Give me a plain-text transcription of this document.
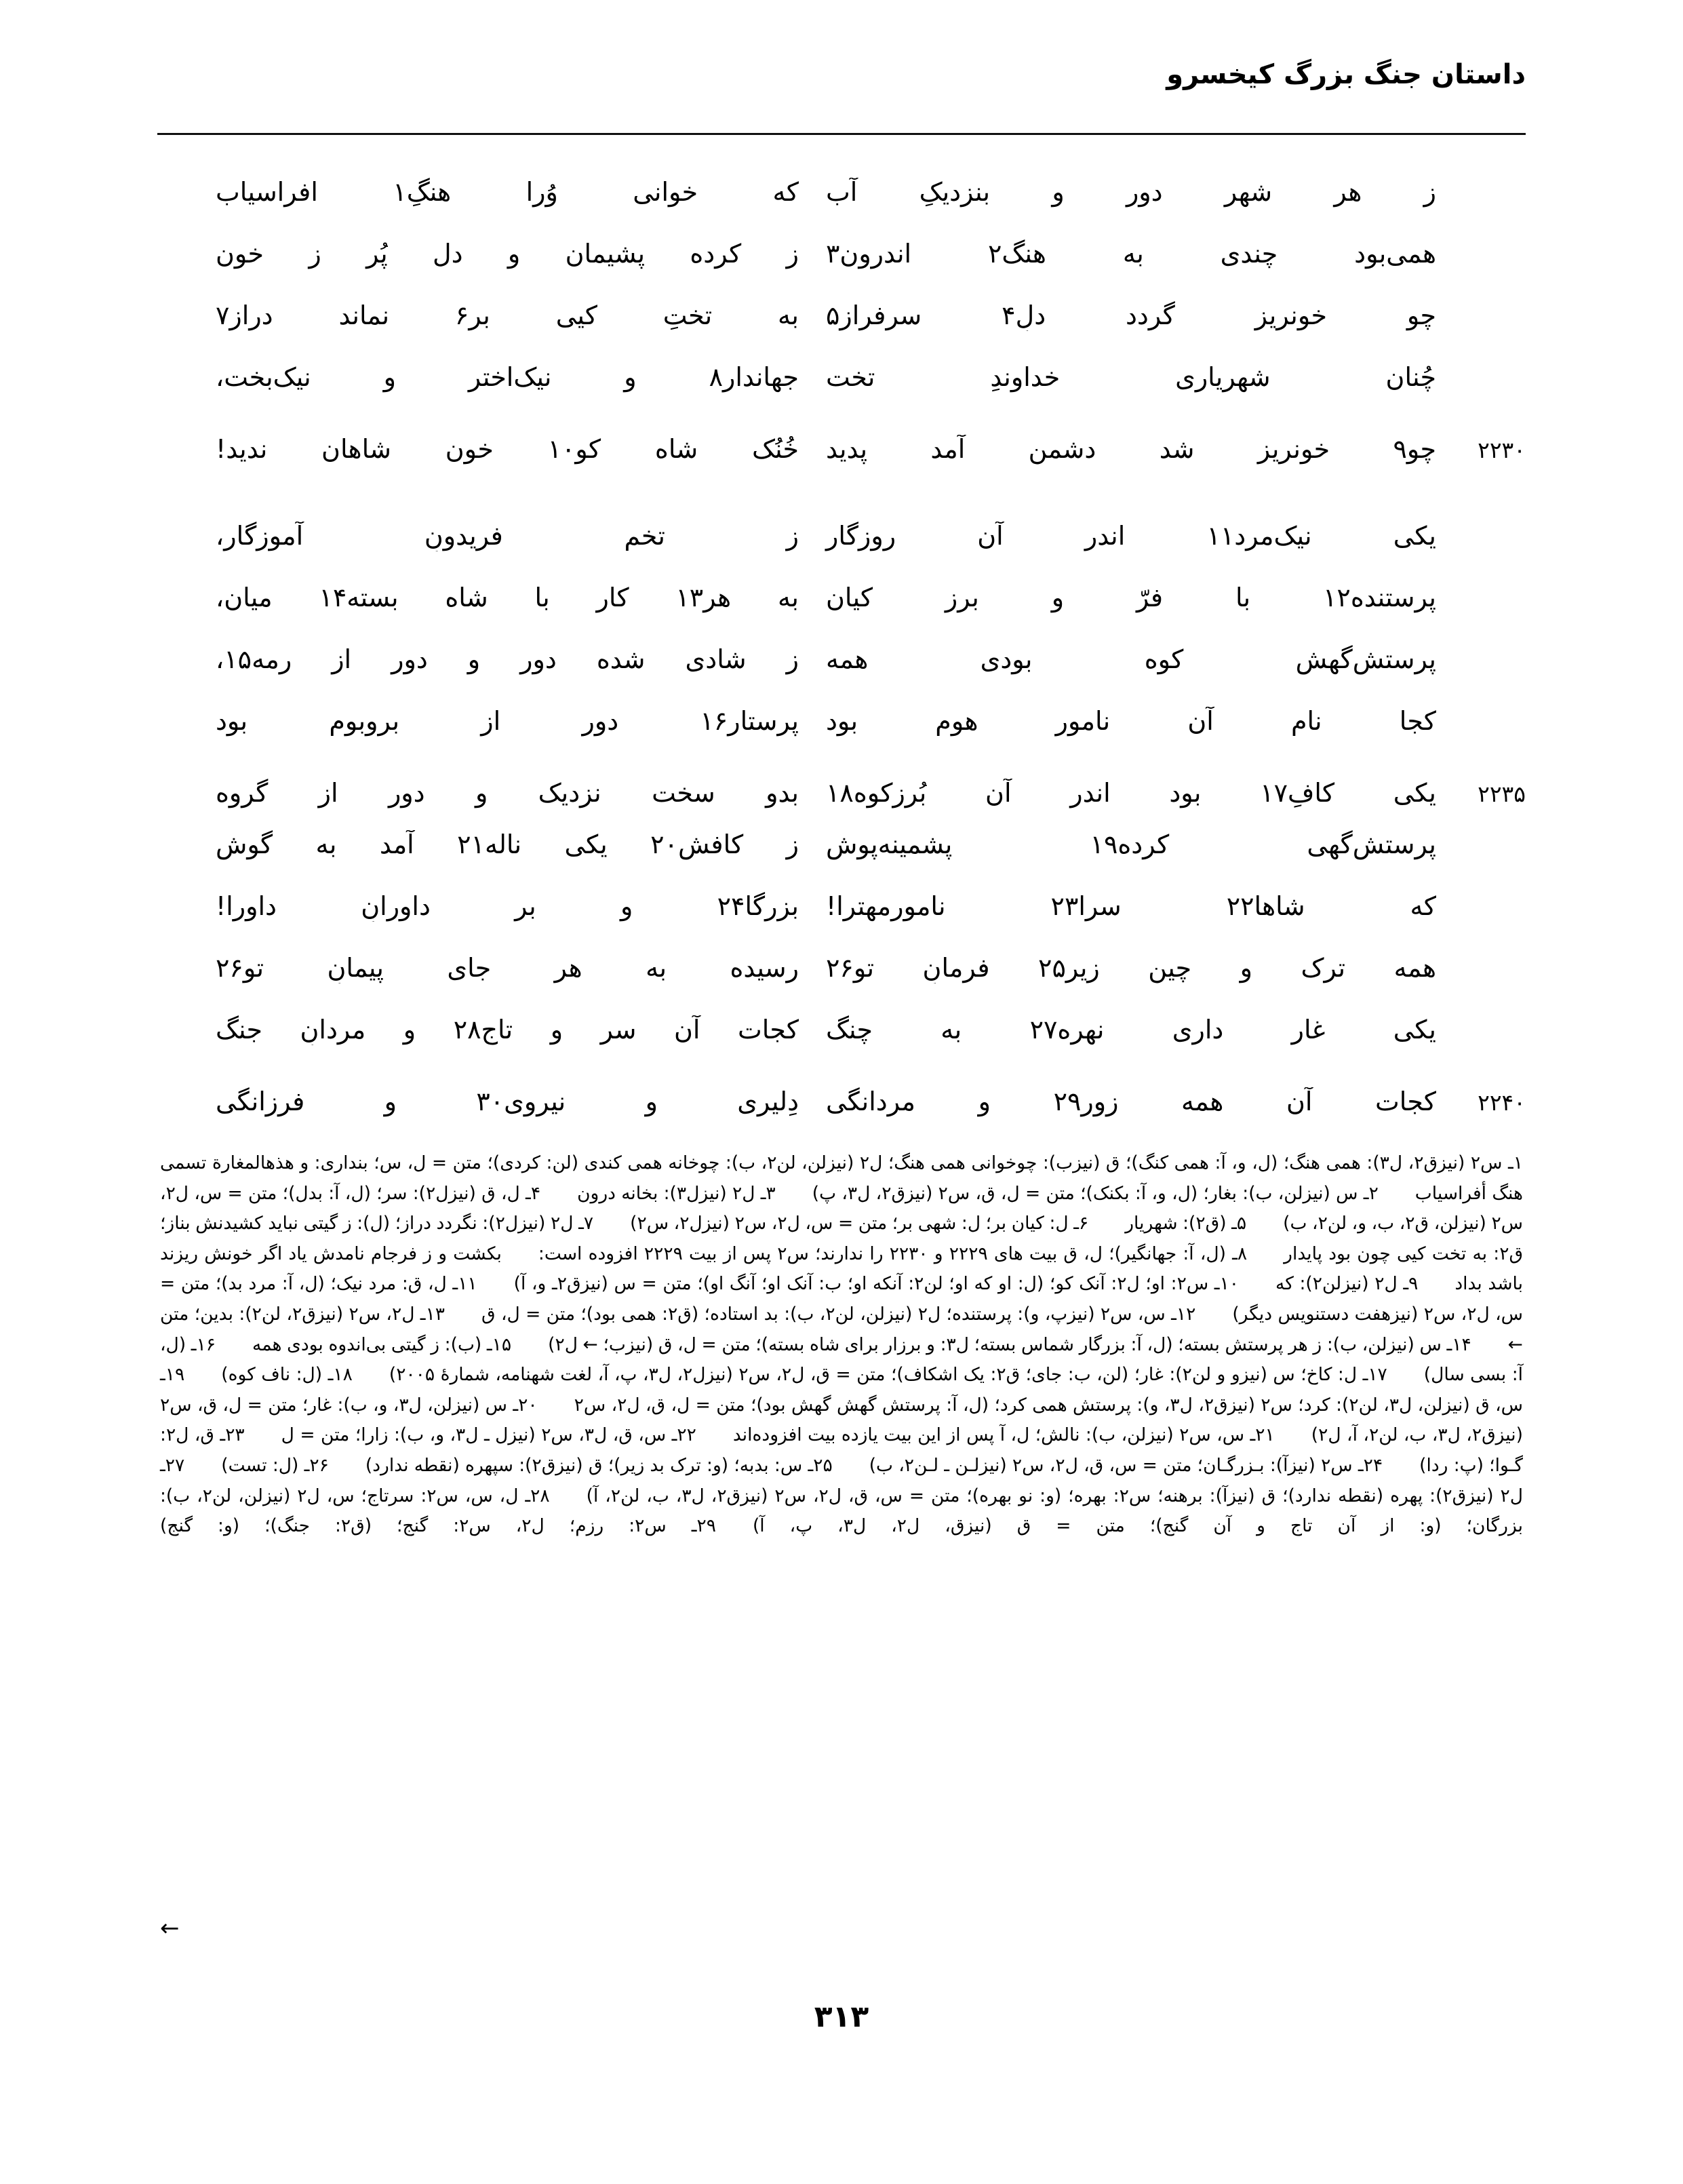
داستان جنگ بزرگ کیخسرو
ز هر شهر دور و بنزدیکِ آب
که خوانی وُرا هنگِ۱ افراسیاب
همی‌بود چندی به هنگ۲ اندرون۳
ز کرده پشیمان و دل پُر ز خون
چو خونریز گردد دلِ۴ سرفراز۵
به تختِ کیی برِ۶ نماند دراز۷
چُنان شهریاری خداوندِ تخت
جهاندار۸ و نیک‌اختر و نیک‌بخت،
۲۲۳۰
چو۹ خونریز شد دشمن آمد پدید
خُنُک شاه کو۱۰ خون شاهان ندید!
یکی نیک‌مرد۱۱ اندر آن روزگار
ز تخمِ فریدونِ آموزگار،
پرستنده۱۲ با فرّ و برزِ کیان
به هر۱۳ کار با شاه بسته۱۴ میان،
پرستش‌گهش کوه بودی همه
ز شادی شده دور و دور از رمه۱۵،
کجا نامِ آن نامور هومِ بود
پرستارِ۱۶ دور از بروبوم بود
۲۲۳۵
یکی کافِ۱۷ بود اندر آن بُرزکوه۱۸
بدو سخت نزدیک و دور از گروه
پرستش‌گهی کرده۱۹ پشمینه‌پوش
ز کافش۲۰ یکی ناله۲۱ آمد به گوش
که شاها۲۲ سرا۲۳ نامورمهترا!
بزرگا۲۴ و برِ داورانِ داورا!
همه ترک و چین زیرِ۲۵ فرمانِ تو۲۶
رسیده به هر جای پیمانِ تو۲۶
یکی غار داری نهره۲۷ به چنگ
کجات آن سر و تاج۲۸ و مردانِ جنگ
۲۲۴۰
کجات آن همه زور۲۹ و مردانگی
دِلیری و نیروی۳۰ و فرزانگی
۱ـ س۲ (نیزق۲، ل۳): همی هنگ؛ (ل، و، آ: همی کنگ)؛ ق (نیزب): چوخوانی همی هنگ؛ ل۲ (نیزلن، لن۲، ب): چوخانه همی کندی (لن: کردی)؛ متن = ل، س؛ بنداری: و هذهالمغارة تسمی هنگ أفراسیاب۲ـ س (نیزلن، ب): بغار؛ (ل، و، آ: بکنک)؛ متن = ل، ق، س۲ (نیزق۲، ل۳، پ)۳ـ ل۲ (نیزل۳): بخانه درون۴ـ ل، ق (نیزل۲): سر؛ (ل، آ: بدل)؛ متن = س، ل۲، س۲ (نیزلن، ق۲، ب، و، لن۲، ب)۵ـ (ق۲): شهریار۶ـ ل: کیان بر؛ ل: شهی بر؛ متن = س، ل۲، س۲ (نیزل۲، س۲)۷ـ ل۲ (نیزل۲): نگردد دراز؛ (ل): ز گیتی نباید کشیدنش بناز؛ ق۲: به تخت کیی چون بود پایدار۸ـ (ل، آ: جهانگیر)؛ ل، ق بیت های ۲۲۲۹ و ۲۲۳۰ را ندارند؛ س۲ پس از بیت ۲۲۲۹ افزوده است:بکشت و ز فرجام نامدش یاد اگر خونش ریزند باشد بداد۹ـ ل۲ (نیزلن۲): که۱۰ـ س۲: او؛ ل۲: آنک کو؛ (ل: او که او؛ لن۲: آنکه او؛ ب: آنک او؛ آنگ او)؛ متن = س (نیزق۲ـ و، آ)۱۱ـ ل، ق: مرد نیک؛ (ل، آ: مرد بد)؛ متن = س، ل۲، س۲ (نیزهفت دستنویس دیگر)۱۲ـ س، س۲ (نیزپ، و): پرستنده؛ ل۲ (نیزلن، لن۲، ب): بد استاده؛ (ق۲: همی بود)؛ متن = ل، ق۱۳ـ ل۲، س۲ (نیزق۲، لن۲): بدین؛ متن ←۱۴ـ س (نیزلن، ب): ز هر پرستش بسته؛ (ل، آ: بزرگار شماس بسته؛ ل۳: و برزار برای شاه بسته)؛ متن = ل، ق (نیزب؛ ← ل۲)۱۵ـ (ب): ز گیتی بی‌اندوه بودی همه۱۶ـ (ل، آ: بسی سال)۱۷ـ ل: کاخ؛ س (نیزو و لن۲): غار؛ (لن، ب: جای؛ ق۲: یک اشکاف)؛ متن = ق، ل۲، س۲ (نیزل۲، ل۳، پ، آ، لغت شهنامه، شمارهٔ ۲۰۰۵)۱۸ـ (ل: ناف کوه)۱۹ـ س، ق (نیزلن، ل۳، لن۲): کرد؛ س۲ (نیزق۲، ل۳، و): پرستش همی کرد؛ (ل، آ: پرستش گهش گهش بود)؛ متن = ل، ق، ل۲، س۲۲۰ـ س (نیزلن، ل۳، و، ب): غار؛ متن = ل، ق، س۲ (نیزق۲، ل۳، ب، لن۲، آ، ل۲)۲۱ـ س، س۲ (نیزلن، ب): نالش؛ ل، آ پس از این بیت یازده بیت افزوده‌اند۲۲ـ س، ق، ل۳، س۲ (نیزل ـ ل۳، و، ب): زارا؛ متن = ل۲۳ـ ق، ل۲: گـوا؛ (پ: ردا)۲۴ـ س۲ (نیزآ): بـزرگـان؛ متن = س، ق، ل۲، س۲ (نیزلـن ـ لـن۲، ب)۲۵ـ س: بدبه؛ (و: ترک بد زیر)؛ ق (نیزق۲): سپهره (نقطه ندارد)۲۶ـ (ل: تست)۲۷ـ ل۲ (نیزق۲): پهره (نقطه ندارد)؛ ق (نیزآ): برهنه؛ س۲: بهره؛ (و: نو بهره)؛ متن = س، ق، ل۲، س۲ (نیزق۲، ل۳، ب، لن۲، آ)۲۸ـ ل، س، س۲: سرتاج؛ س، ل۲ (نیزلن، لن۲، ب): بزرگان؛ (و: از آن تاج و آن گنج)؛ متن = ق (نیزق، ل۲، ل۳، پ، آ)۲۹ـ س۲: رزم؛ ل۲، س۲: گنج؛ (ق۲: جنگ)؛ (و: گنج)
←
۳۱۳
